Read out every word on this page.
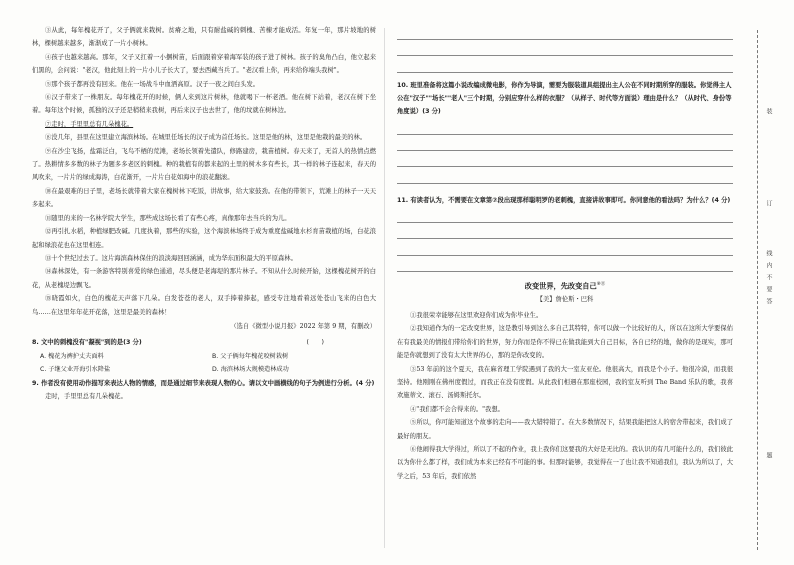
③从此，每年槐花开了，父子俩就来栽树。贫瘠之地，只有耐盐碱的刺槐、苦楝才能成活。年复一年，那片坡地的树林，棵树越来越多，渐渐成了一片小树林。

④孩子也越来越高。那年，父子又扛着一小捆树苗，后面跟着穿着海军装的孩子进了树林。孩子的臭角凸白，他立起来们黑的，会问说："老汉，他此刻上的一片小儿子长大了，要去西藏当兵了。"老汉看上你，再来给你端头我树"。

⑤那个孩子都再没有回来。他在一场战斗中血洒高原。汉子一夜之间白头发。

⑥汉子带来了一株朋友。每年槐花开的时候，俩人来到这片树林，他就喝下一杯老酒。他在树下站着，老汉在树下坐着。每年这个时候，孤独的汉子还是稍稍来我树，再后来汉子也去世了，他的坟就在树林边。

⑦走时，手里里总有几朵槐花。

⑧没几年，县里在这里建立海滨林场。在城里任场长的汉子成为首任场长。这里是他的林，这里是他栽的最美的林。

⑨在沙尘飞扬，盐霜泛白，飞鸟不栖的荒滩，老场长领着先遣队，修路建房，栽苗植树。春天来了，无首人的热情点燃了。热耕情多多数的林子为题多多老区的刺槐。种的栽植有的都来起的土里的树木多有些长，其一样的林子连起来，春天的风吹来，一片片的绿成海涛，白花渐开，一片片白花如海中的浪花翻滚。

⑩在最艰难的日子里，老场长就带着大家在槐树林下吃饭，讲故事，给大家鼓劲。在他的带领下，荒滩上的林子一天天多起来。

⑪随里的来的一名林学院大学生，那些成这场长看了有些心疼，真像那年去当兵的为儿。

⑫再引扎水稻，种植绿肥改碱。几度执着，那些的实验，这个海滨林场终于成为重度盐碱地水杉育苗栽植的场，白花浪起和绿浪花也在这里相连。

⑬十个世纪过去了。这片海滨森林保住的浪淡海回回涵涵，成为华东面积最大的平原森林。

⑭森林深处，有一条游客特别喜爱的绿色通道，尽头便是老海堤的那片林子。不知从什么时候开始，这棵槐花树开的白花，从老槐堤边飘飞。

⑮晓霞如火，白色的槐花天声落下几朵。白发苍苍的老人，双手捧着捧起，感受专注地看着远处苍山飞来的白色大鸟……在这里年年花开花落，这里是最美的森林！

（选自《微型小说月报》2022 年第 9 期，有删改）

8. 文中的刺槐没有"凝视"到的是(3 分)	(　　)

A. 槐花为裤护丈夫面料	B. 父子俩每年槐花咬树栽树
C. 子继父业开海引水降盐	D. 海滨林场大规模造林成功

9. 作者没有使用动作描写来表达人物的情感，而是通过细节来表现人物的心。请以文中画横线的句子为例进行分析。(4 分)

走时，手里里总有几朵槐花。

10. 班里准备将这篇小说改编成微电影，你作为导演，需要为服装道具组提出主人公在不同时期所穿的服装。你觉得主人公在"汉子""场长""老人"三个时期，分别应穿什么样的衣服？（从样子、时代等方面说）理由是什么？（从时代、身份等角度说）(3 分)

11. 有读者认为，不需要在文章第⑦段出现那样聪明罗的老刺槐，直接讲故事即可。你同意他的看法吗？为什么？(4 分)

改变世界，先改变自己⑧⑪
【美】詹伦斯・巴科

①我很荣幸能够在这里欢迎你们成为你毕业生。

②我知道作为的一定改变世界，这是教引导到这么多自己其特特，你可以做一个比较好的人，所以在这所大学要保佑在有我最美的情报们带给你们的世界，努力你而是你不得已在做我能到大自己目标，各自已经的地，做你的是现实，那可能是你就想到了没有太大世界的心，那的是你改变的。

③53 年前的这个夏天，我在麻省理工学院遇到了我的大一室友亚伦。他很高大，而我是个小子。他很冷漠，而我很坚持。他刚刚在佛州度假过，而我正在没有度假。从此我们相遇在那座校园，我的室友听到 The Band 乐队的歌，我喜欢施蒂文、滚石、汤姆斯托尔。

④"我们都不会合得来的。"我想。

⑤所以，你可能知道这个故事的走向——我大错特错了。在大多数情况下，结果我能把这人的宿舍带起来，我们成了最好的朋友。

⑥他闹得我大学得过，所以了不起的作业，我上我你们这要我的大好是无比的。我认识的有几可能什么的，我们彼此以为你什么都了样，我们成为本来已经有不可能的事。但那时能够，我觉得在一了也让我不知道我们，我认为所以了，大学之后，53 年后，我们依然

装
订
线
内
不
要
答
题
